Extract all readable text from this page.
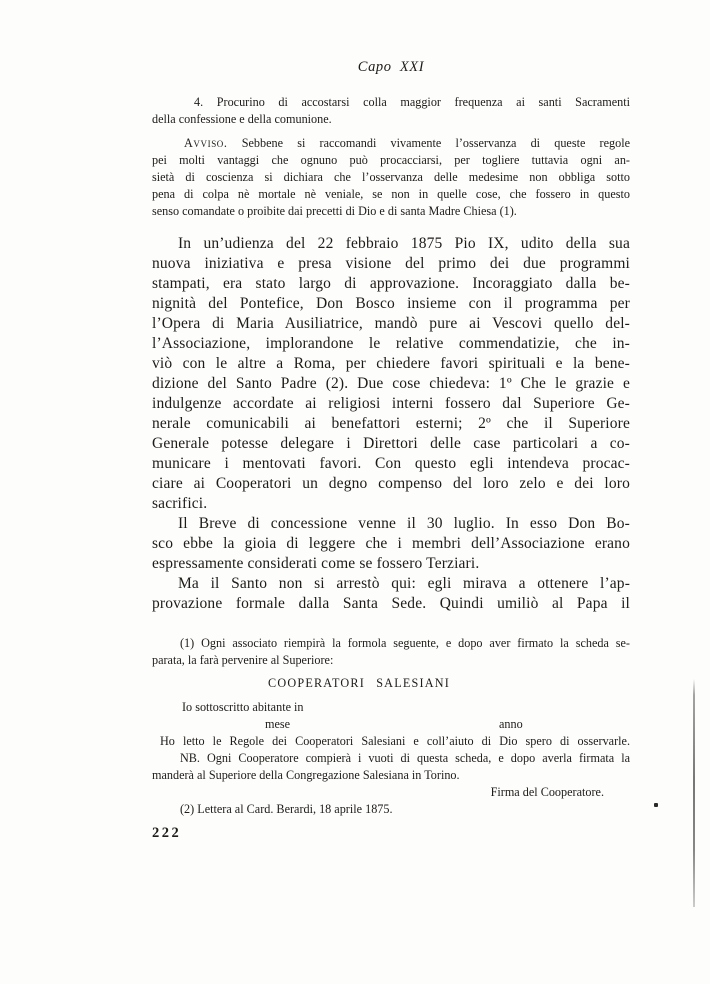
Capo XXI
4. Procurino di accostarsi colla maggior frequenza ai santi Sacramenti
della confessione e della comunione.
Avviso. Sebbene si raccomandi vivamente l’osservanza di queste regole
pei molti vantaggi che ognuno può procacciarsi, per togliere tuttavia ogni an-
sietà di coscienza si dichiara che l’osservanza delle medesime non obbliga sotto
pena di colpa nè mortale nè veniale, se non in quelle cose, che fossero in questo
senso comandate o proibite dai precetti di Dio e di santa Madre Chiesa (1).
In un’udienza del 22 febbraio 1875 Pio IX, udito della sua
nuova iniziativa e presa visione del primo dei due programmi
stampati, era stato largo di approvazione. Incoraggiato dalla be-
nignità del Pontefice, Don Bosco insieme con il programma per
l’Opera di Maria Ausiliatrice, mandò pure ai Vescovi quello del-
l’Associazione, implorandone le relative commendatizie, che in-
viò con le altre a Roma, per chiedere favori spirituali e la bene-
dizione del Santo Padre (2). Due cose chiedeva: 1º Che le grazie e
indulgenze accordate ai religiosi interni fossero dal Superiore Ge-
nerale comunicabili ai benefattori esterni; 2º che il Superiore
Generale potesse delegare i Direttori delle case particolari a co-
municare i mentovati favori. Con questo egli intendeva procac-
ciare ai Cooperatori un degno compenso del loro zelo e dei loro
sacrifici.
Il Breve di concessione venne il 30 luglio. In esso Don Bo-
sco ebbe la gioia di leggere che i membri dell’Associazione erano
espressamente considerati come se fossero Terziari.
Ma il Santo non si arrestò qui: egli mirava a ottenere l’ap-
provazione formale dalla Santa Sede. Quindi umiliò al Papa il
(1) Ogni associato riempirà la formola seguente, e dopo aver firmato la scheda se-
parata, la farà pervenire al Superiore:
COOPERATORI SALESIANI
Io sottoscritto abitante in
mese	anno
Ho letto le Regole dei Cooperatori Salesiani e coll’aiuto di Dio spero di osservarle.
NB. Ogni Cooperatore compierà i vuoti di questa scheda, e dopo averla firmata la
manderà al Superiore della Congregazione Salesiana in Torino.
Firma del Cooperatore.
(2) Lettera al Card. Berardi, 18 aprile 1875.
222
